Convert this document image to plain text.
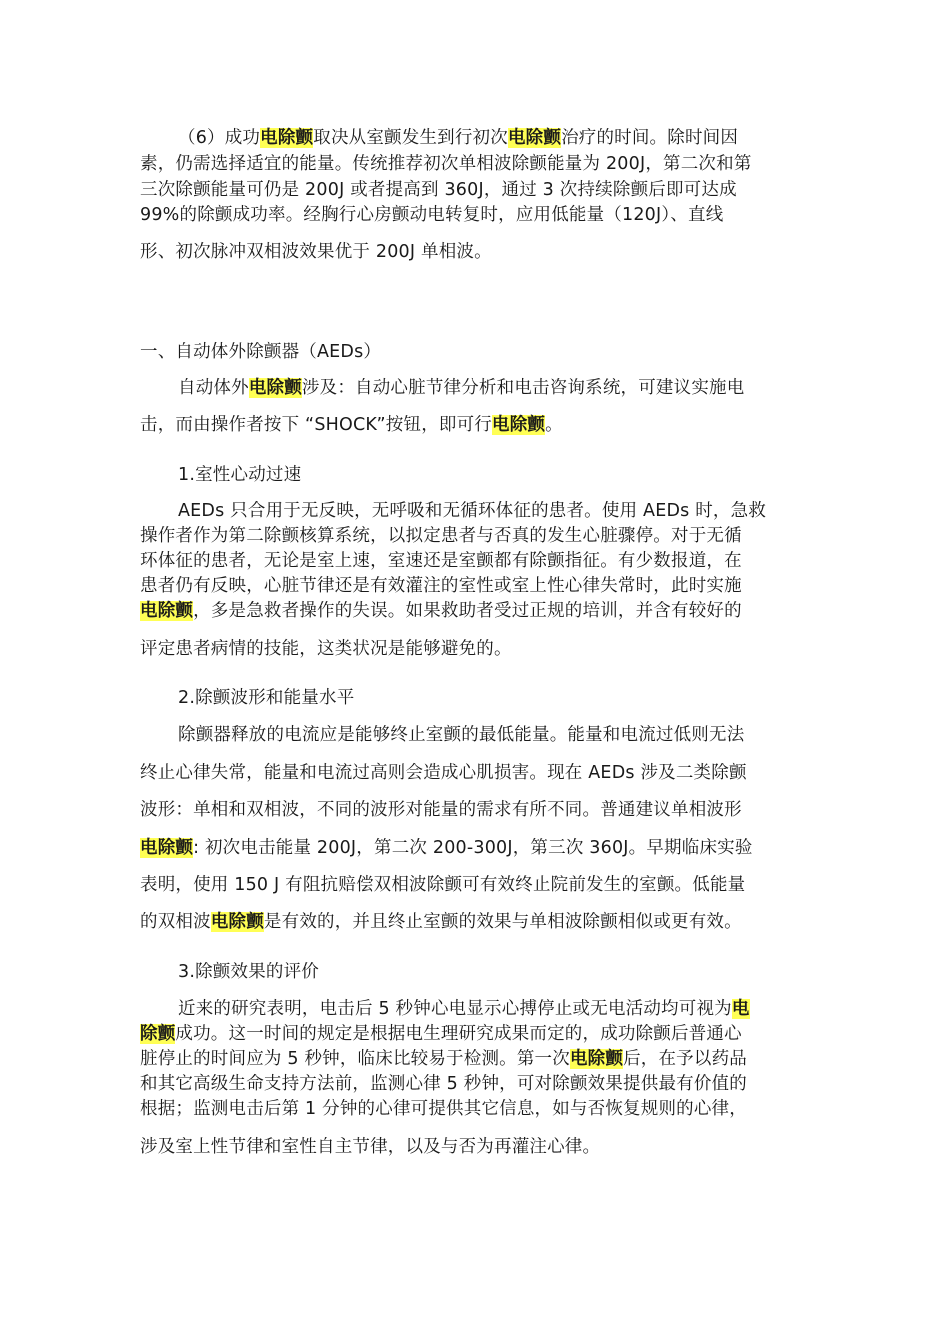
（6）成功电除颤取决从室颤发生到行初次电除颤治疗的时间。除时间因
素，仍需选择适宜的能量。传统推荐初次单相波除颤能量为 200J，第二次和第
三次除颤能量可仍是 200J 或者提高到 360J，通过 3 次持续除颤后即可达成
99%的除颤成功率。经胸行心房颤动电转复时，应用低能量（120J）、直线
形、初次脉冲双相波效果优于 200J 单相波。
一、自动体外除颤器（AEDs）
自动体外电除颤涉及：自动心脏节律分析和电击咨询系统，可建议实施电
击，而由操作者按下 “SHOCK”按钮，即可行电除颤。
1.室性心动过速
AEDs 只合用于无反映，无呼吸和无循环体征的患者。使用 AEDs 时，急救
操作者作为第二除颤核算系统，以拟定患者与否真的发生心脏骤停。对于无循
环体征的患者，无论是室上速，室速还是室颤都有除颤指征。有少数报道，在
患者仍有反映，心脏节律还是有效灌注的室性或室上性心律失常时，此时实施
电除颤，多是急救者操作的失误。如果救助者受过正规的培训，并含有较好的
评定患者病情的技能，这类状况是能够避免的。
2.除颤波形和能量水平
除颤器释放的电流应是能够终止室颤的最低能量。能量和电流过低则无法
终止心律失常，能量和电流过高则会造成心肌损害。现在 AEDs 涉及二类除颤
波形：单相和双相波，不同的波形对能量的需求有所不同。普通建议单相波形
电除颤: 初次电击能量 200J，第二次 200-300J，第三次 360J。早期临床实验
表明，使用 150 J 有阻抗赔偿双相波除颤可有效终止院前发生的室颤。低能量
的双相波电除颤是有效的，并且终止室颤的效果与单相波除颤相似或更有效。
3.除颤效果的评价
近来的研究表明，电击后 5 秒钟心电显示心搏停止或无电活动均可视为电
除颤成功。这一时间的规定是根据电生理研究成果而定的，成功除颤后普通心
脏停止的时间应为 5 秒钟，临床比较易于检测。第一次电除颤后，在予以药品
和其它高级生命支持方法前，监测心律 5 秒钟，可对除颤效果提供最有价值的
根据；监测电击后第 1 分钟的心律可提供其它信息，如与否恢复规则的心律，
涉及室上性节律和室性自主节律，以及与否为再灌注心律。
